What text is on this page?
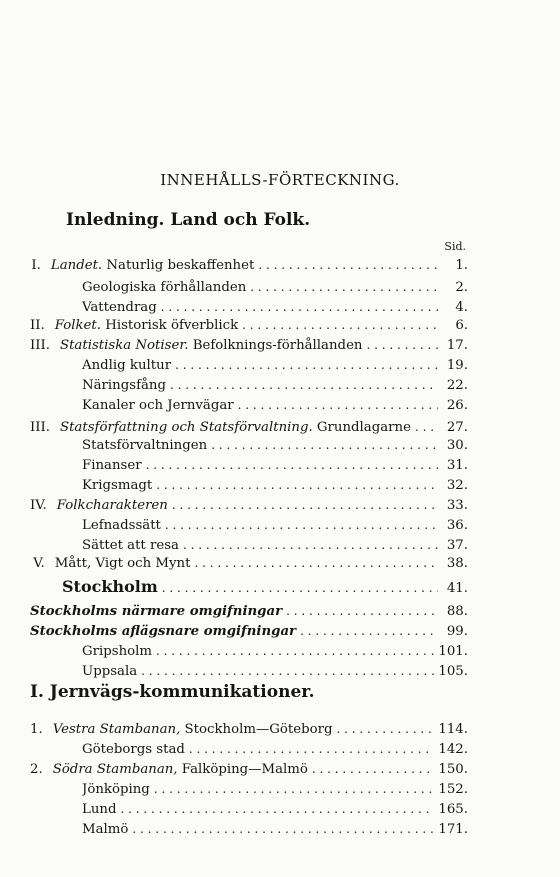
INNEHÅLLS-FÖRTECKNING.
Inledning. Land och Folk.
Sid.
I. Jernvägs-kommunikationer.
I. Landet. Naturlig beskaffenhet . . .	1.
Geologiska förhållanden . . .	2.
Vattendrag . . .	4.
II. Folket. Historisk öfverblick . . .	6.
III. Statistiska Notiser. Befolknings-förhållanden . . .	17.
Andlig kultur . . .	19.
Näringsfång . . .	22.
Kanaler och Jernvägar . . .	26.
III. Statsförfattning och Statsförvaltning. Grundlagarne . . .	27.
Statsförvaltningen . . .	30.
Finanser . . .	31.
Krigsmagt . . .	32.
IV. Folkcharakteren . . .	33.
Lefnadssätt . . .	36.
Sättet att resa . . .	37.
V. Mått, Vigt och Mynt . . .	38.
Stockholm . . .	41.
Stockholms närmare omgifningar . . .	88.
Stockholms aflägsnare omgifningar . . .	99.
Gripsholm . . .	101.
Uppsala . . .	105.
1. Vestra Stambanan, Stockholm—Göteborg . . .	114.
Göteborgs stad . . .	142.
2. Södra Stambanan, Falköping—Malmö . . .	150.
Jönköping . . .	152.
Lund . . .	165.
Malmö . . .	171.
